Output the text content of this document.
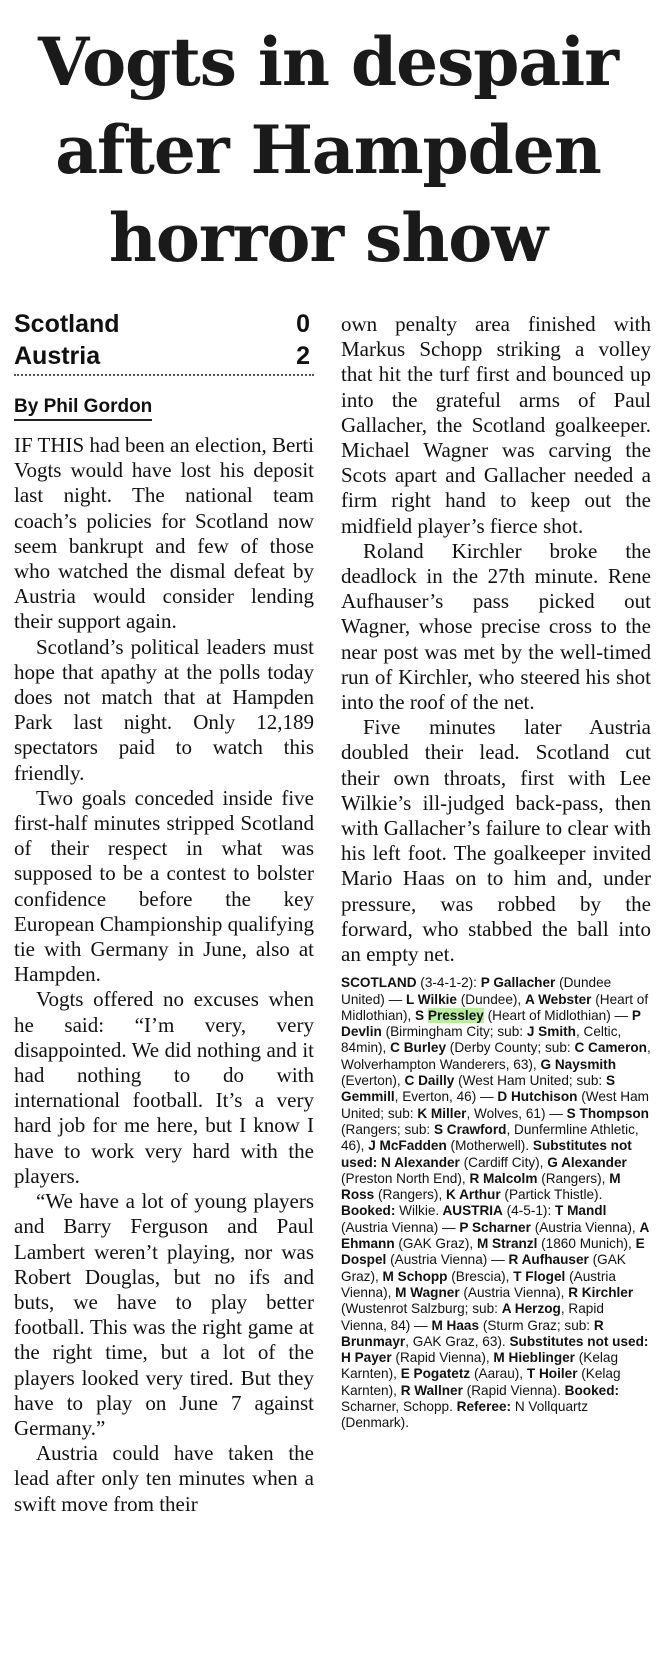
Vogts in despair
after Hampden
horror show
Scotland	0
Austria	2
By Phil Gordon

IF THIS had been an election, Berti Vogts would have lost his deposit last night. The national team coach’s policies for Scotland now seem bankrupt and few of those who watched the dismal defeat by Austria would consider lending their support again.

Scotland’s political leaders must hope that apathy at the polls today does not match that at Hampden Park last night. Only 12,189 spectators paid to watch this friendly.

Two goals conceded inside five first-half minutes stripped Scotland of their respect in what was supposed to be a contest to bolster confidence before the key European Championship qualifying tie with Germany in June, also at Hampden.

Vogts offered no excuses when he said: “I’m very, very disappointed. We did nothing and it had nothing to do with international football. It’s a very hard job for me here, but I know I have to work very hard with the players.

“We have a lot of young players and Barry Ferguson and Paul Lambert weren’t playing, nor was Robert Douglas, but no ifs and buts, we have to play better football. This was the right game at the right time, but a lot of the players looked very tired. But they have to play on June 7 against Germany.”

Austria could have taken the lead after only ten minutes when a swift move from their

own penalty area finished with Markus Schopp striking a volley that hit the turf first and bounced up into the grateful arms of Paul Gallacher, the Scotland goalkeeper. Michael Wagner was carving the Scots apart and Gallacher needed a firm right hand to keep out the midfield player’s fierce shot.

Roland Kirchler broke the deadlock in the 27th minute. Rene Aufhauser’s pass picked out Wagner, whose precise cross to the near post was met by the well-timed run of Kirchler, who steered his shot into the roof of the net.

Five minutes later Austria doubled their lead. Scotland cut their own throats, first with Lee Wilkie’s ill-judged back-pass, then with Gallacher’s failure to clear with his left foot. The goalkeeper invited Mario Haas on to him and, under pressure, was robbed by the forward, who stabbed the ball into an empty net.

SCOTLAND (3-4-1-2): P Gallacher (Dundee United) — L Wilkie (Dundee), A Webster (Heart of Midlothian), S Pressley (Heart of Midlothian) — P Devlin (Birmingham City; sub: J Smith, Celtic, 84min), C Burley (Derby County; sub: C Cameron, Wolverhampton Wanderers, 63), G Naysmith (Everton), C Dailly (West Ham United; sub: S Gemmill, Everton, 46) — D Hutchison (West Ham United; sub: K Miller, Wolves, 61) — S Thompson (Rangers; sub: S Crawford, Dunfermline Athletic, 46), J McFadden (Motherwell). Substitutes not used: N Alexander (Cardiff City), G Alexander (Preston North End), R Malcolm (Rangers), M Ross (Rangers), K Arthur (Partick Thistle). Booked: Wilkie. AUSTRIA (4-5-1): T Mandl (Austria Vienna) — P Scharner (Austria Vienna), A Ehmann (GAK Graz), M Stranzl (1860 Munich), E Dospel (Austria Vienna) — R Aufhauser (GAK Graz), M Schopp (Brescia), T Flogel (Austria Vienna), M Wagner (Austria Vienna), R Kirchler (Wustenrot Salzburg; sub: A Herzog, Rapid Vienna, 84) — M Haas (Sturm Graz; sub: R Brunmayr, GAK Graz, 63). Substitutes not used: H Payer (Rapid Vienna), M Hieblinger (Kelag Karnten), E Pogatetz (Aarau), T Hoiler (Kelag Karnten), R Wallner (Rapid Vienna). Booked: Scharner, Schopp. Referee: N Vollquartz (Denmark).
